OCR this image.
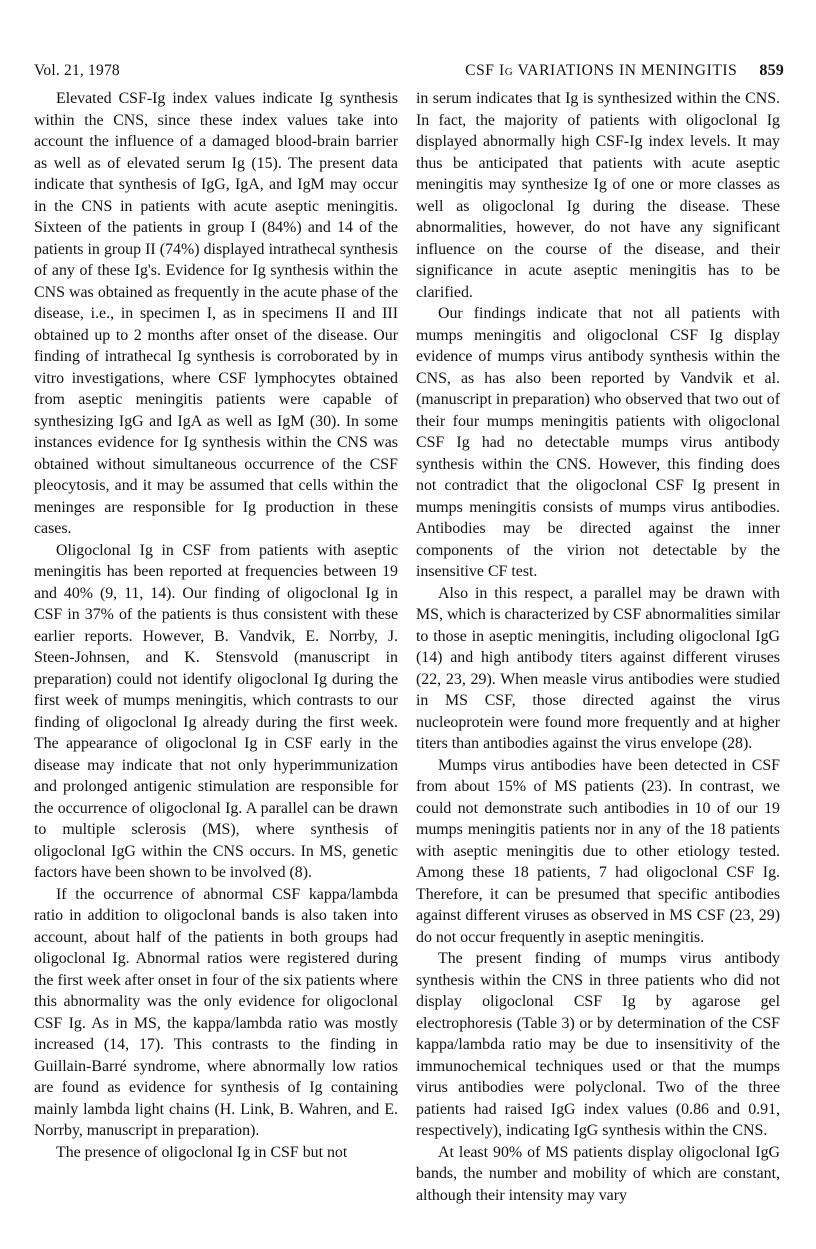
Vol. 21, 1978	CSF Ig VARIATIONS IN MENINGITIS 859

Elevated CSF-Ig index values indicate Ig synthesis within the CNS, since these index values take into account the influence of a damaged blood-brain barrier as well as of elevated serum Ig (15). The present data indicate that synthesis of IgG, IgA, and IgM may occur in the CNS in patients with acute aseptic meningitis. Sixteen of the patients in group I (84%) and 14 of the patients in group II (74%) displayed intrathecal synthesis of any of these Ig's. Evidence for Ig synthesis within the CNS was obtained as frequently in the acute phase of the disease, i.e., in specimen I, as in specimens II and III obtained up to 2 months after onset of the disease. Our finding of intrathecal Ig synthesis is corroborated by in vitro investigations, where CSF lymphocytes obtained from aseptic meningitis patients were capable of synthesizing IgG and IgA as well as IgM (30). In some instances evidence for Ig synthesis within the CNS was obtained without simultaneous occurrence of the CSF pleocytosis, and it may be assumed that cells within the meninges are responsible for Ig production in these cases.

Oligoclonal Ig in CSF from patients with aseptic meningitis has been reported at frequencies between 19 and 40% (9, 11, 14). Our finding of oligoclonal Ig in CSF in 37% of the patients is thus consistent with these earlier reports. However, B. Vandvik, E. Norrby, J. Steen-Johnsen, and K. Stensvold (manuscript in preparation) could not identify oligoclonal Ig during the first week of mumps meningitis, which contrasts to our finding of oligoclonal Ig already during the first week. The appearance of oligoclonal Ig in CSF early in the disease may indicate that not only hyperimmunization and prolonged antigenic stimulation are responsible for the occurrence of oligoclonal Ig. A parallel can be drawn to multiple sclerosis (MS), where synthesis of oligoclonal IgG within the CNS occurs. In MS, genetic factors have been shown to be involved (8).

If the occurrence of abnormal CSF kappa/lambda ratio in addition to oligoclonal bands is also taken into account, about half of the patients in both groups had oligoclonal Ig. Abnormal ratios were registered during the first week after onset in four of the six patients where this abnormality was the only evidence for oligoclonal CSF Ig. As in MS, the kappa/lambda ratio was mostly increased (14, 17). This contrasts to the finding in Guillain-Barré syndrome, where abnormally low ratios are found as evidence for synthesis of Ig containing mainly lambda light chains (H. Link, B. Wahren, and E. Norrby, manuscript in preparation).

The presence of oligoclonal Ig in CSF but not

in serum indicates that Ig is synthesized within the CNS. In fact, the majority of patients with oligoclonal Ig displayed abnormally high CSF-Ig index levels. It may thus be anticipated that patients with acute aseptic meningitis may synthesize Ig of one or more classes as well as oligoclonal Ig during the disease. These abnormalities, however, do not have any significant influence on the course of the disease, and their significance in acute aseptic meningitis has to be clarified.

Our findings indicate that not all patients with mumps meningitis and oligoclonal CSF Ig display evidence of mumps virus antibody synthesis within the CNS, as has also been reported by Vandvik et al. (manuscript in preparation) who observed that two out of their four mumps meningitis patients with oligoclonal CSF Ig had no detectable mumps virus antibody synthesis within the CNS. However, this finding does not contradict that the oligoclonal CSF Ig present in mumps meningitis consists of mumps virus antibodies. Antibodies may be directed against the inner components of the virion not detectable by the insensitive CF test.

Also in this respect, a parallel may be drawn with MS, which is characterized by CSF abnormalities similar to those in aseptic meningitis, including oligoclonal IgG (14) and high antibody titers against different viruses (22, 23, 29). When measle virus antibodies were studied in MS CSF, those directed against the virus nucleoprotein were found more frequently and at higher titers than antibodies against the virus envelope (28).

Mumps virus antibodies have been detected in CSF from about 15% of MS patients (23). In contrast, we could not demonstrate such antibodies in 10 of our 19 mumps meningitis patients nor in any of the 18 patients with aseptic meningitis due to other etiology tested. Among these 18 patients, 7 had oligoclonal CSF Ig. Therefore, it can be presumed that specific antibodies against different viruses as observed in MS CSF (23, 29) do not occur frequently in aseptic meningitis.

The present finding of mumps virus antibody synthesis within the CNS in three patients who did not display oligoclonal CSF Ig by agarose gel electrophoresis (Table 3) or by determination of the CSF kappa/lambda ratio may be due to insensitivity of the immunochemical techniques used or that the mumps virus antibodies were polyclonal. Two of the three patients had raised IgG index values (0.86 and 0.91, respectively), indicating IgG synthesis within the CNS.

At least 90% of MS patients display oligoclonal IgG bands, the number and mobility of which are constant, although their intensity may vary
